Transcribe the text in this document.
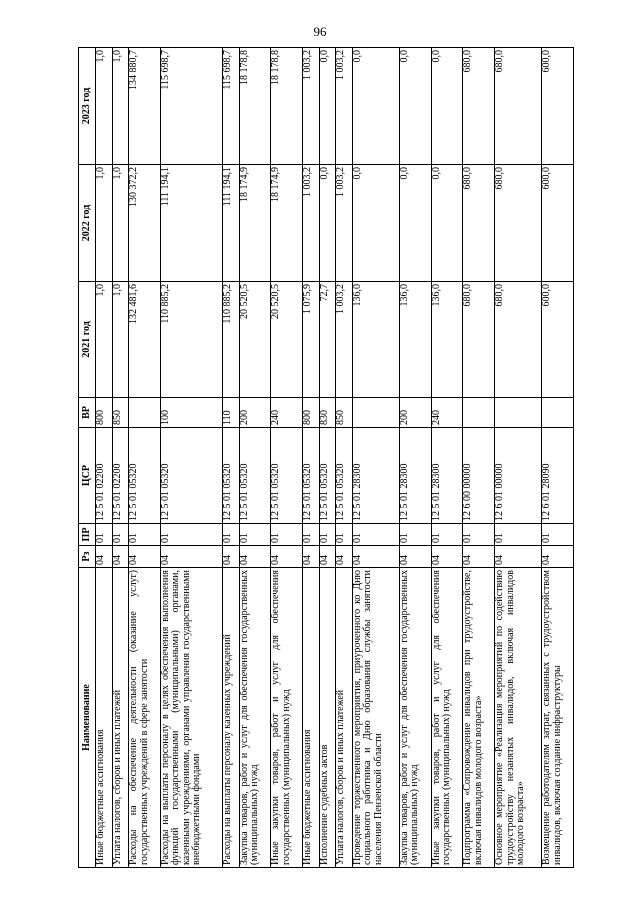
96
Наименование	Рз	ПР	ЦСР	ВР	2021 год	2022 год	2023 год
Иные бюджетные ассигнования	04	01	12 5 01 02200	800	1,0	1,0	1,0
Уплата налогов, сборов и иных платежей	04	01	12 5 01 02200	850	1,0	1,0	1,0
Расходы на обеспечение деятельности (оказание услуг) государственных учреждений в сфере занятости	04	01	12 5 01 05320		132 481,6	130 372,2	134 880,7
Расходы на выплаты персоналу в целях обеспечения выполнения функций государственными (муниципальными) органами, казенными учреждениями, органами управления государственными внебюджетными фондами	04	01	12 5 01 05320	100	110 885,2	111 194,1	115 698,7
Расходы на выплаты персоналу казенных учреждений	04	01	12 5 01 05320	110	110 885,2	111 194,1	115 698,7
Закупка товаров, работ и услуг для обеспечения государственных (муниципальных) нужд	04	01	12 5 01 05320	200	20 520,5	18 174,9	18 178,8
Иные закупки товаров, работ и услуг для обеспечения государственных (муниципальных) нужд	04	01	12 5 01 05320	240	20 520,5	18 174,9	18 178,8
Иные бюджетные ассигнования	04	01	12 5 01 05320	800	1 075,9	1 003,2	1 003,2
Исполнение судебных актов	04	01	12 5 01 05320	830	72,7	0,0	0,0
Уплата налогов, сборов и иных платежей	04	01	12 5 01 05320	850	1 003,2	1 003,2	1 003,2
Проведение торжественного мероприятия, приуроченного ко Дню социального работника и Дню образования службы занятости населения Пензенской области	04	01	12 5 01 28300		136,0	0,0	0,0
Закупка товаров, работ и услуг для обеспечения государственных (муниципальных) нужд	04	01	12 5 01 28300	200	136,0	0,0	0,0
Иные закупки товаров, работ и услуг для обеспечения государственных (муниципальных) нужд	04	01	12 5 01 28300	240	136,0	0,0	0,0
Подпрограмма «Сопровождение инвалидов при трудоустройстве, включая инвалидов молодого возраста»	04	01	12 6 00 00000		680,0	680,0	680,0
Основное мероприятие «Реализация мероприятий по содействию трудоустройству незанятых инвалидов, включая инвалидов молодого возраста»	04	01	12 6 01 00000		680,0	680,0	680,0
Возмещение работодателям затрат, связанных с трудоустройством инвалидов, включая создание инфраструктуры	04	01	12 6 01 28090		600,0	600,0	600,0
